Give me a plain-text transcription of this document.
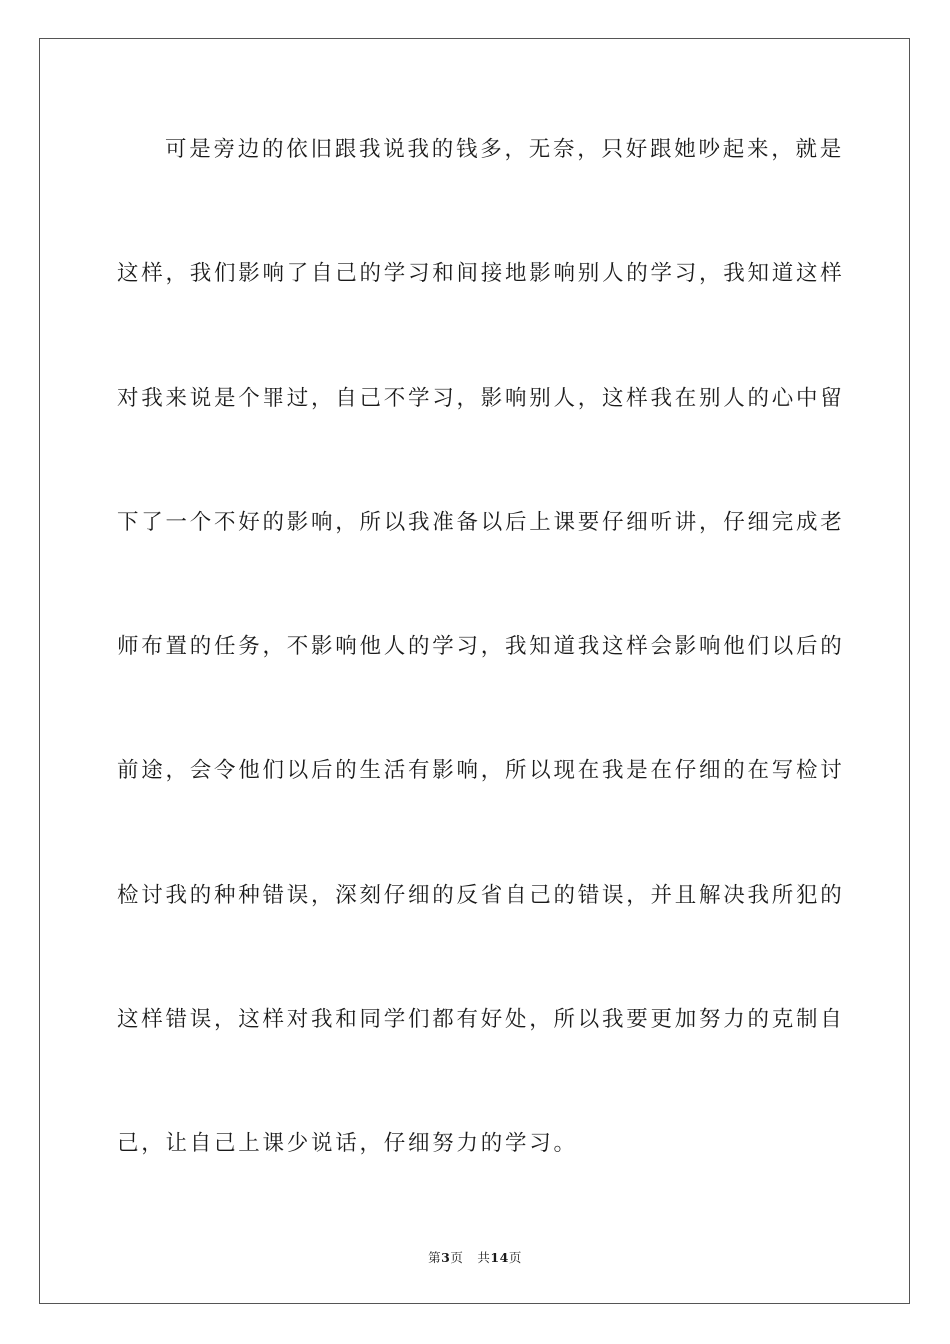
可是旁边的依旧跟我说我的钱多，无奈，只好跟她吵起来，就是
这样，我们影响了自己的学习和间接地影响别人的学习，我知道这样
对我来说是个罪过，自己不学习，影响别人，这样我在别人的心中留
下了一个不好的影响，所以我准备以后上课要仔细听讲，仔细完成老
师布置的任务，不影响他人的学习，我知道我这样会影响他们以后的
前途，会令他们以后的生活有影响，所以现在我是在仔细的在写检讨
检讨我的种种错误，深刻仔细的反省自己的错误，并且解决我所犯的
这样错误，这样对我和同学们都有好处，所以我要更加努力的克制自
己，让自己上课少说话，仔细努力的学习。
第3页 共14页
